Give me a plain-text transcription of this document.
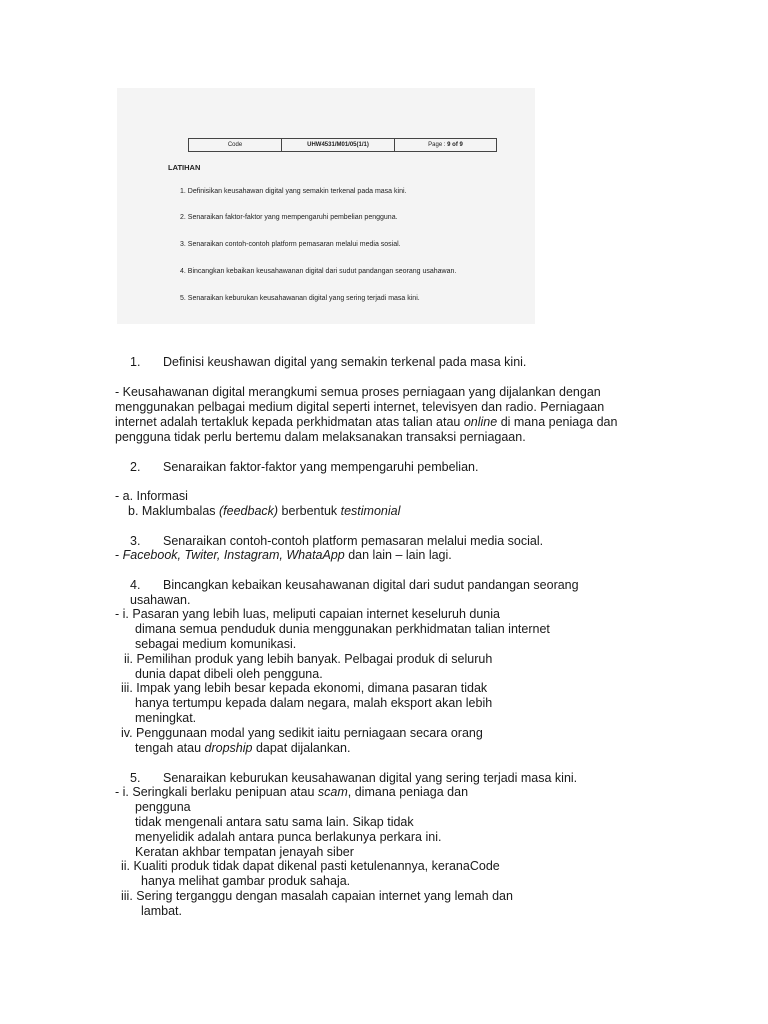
Code	UHW4531/M01/05(1/1)	Page :
9 of 9
LATIHAN
1. Definisikan keusahawan digital yang semakin terkenal pada masa kini.
2. Senaraikan faktor-faktor yang mempengaruhi pembelian pengguna.
3. Senaraikan contoh-contoh platform pemasaran melalui media sosial.
4. Bincangkan kebaikan keusahawanan digital dari sudut pandangan seorang usahawan.
5. Senaraikan keburukan keusahawanan digital yang sering terjadi masa kini.
1. Definisi keushawan digital yang semakin terkenal pada masa kini.
- Keusahawanan digital merangkumi semua proses perniagaan yang dijalankan dengan
menggunakan pelbagai medium digital seperti internet, televisyen dan radio. Perniagaan
internet adalah tertakluk kepada perkhidmatan atas talian atau online di mana peniaga dan
pengguna tidak perlu bertemu dalam melaksanakan transaksi perniagaan.
2. Senaraikan faktor-faktor yang mempengaruhi pembelian.
- a. Informasi
b. Maklumbalas (feedback) berbentuk testimonial
3. Senaraikan contoh-contoh platform pemasaran melalui media social.
- Facebook, Twiter, Instagram, WhataApp dan lain – lain lagi.
4. Bincangkan kebaikan keusahawanan digital dari sudut pandangan seorang
usahawan.
- i. Pasaran yang lebih luas, meliputi capaian internet keseluruh dunia
dimana semua penduduk dunia menggunakan perkhidmatan talian internet
sebagai medium komunikasi.
ii. Pemilihan produk yang lebih banyak. Pelbagai produk di seluruh
dunia dapat dibeli oleh pengguna.
iii. Impak yang lebih besar kepada ekonomi, dimana pasaran tidak
hanya tertumpu kepada dalam negara, malah eksport akan lebih
meningkat.
iv. Penggunaan modal yang sedikit iaitu perniagaan secara orang
tengah atau dropship dapat dijalankan.
5. Senaraikan keburukan keusahawanan digital yang sering terjadi masa kini.
- i. Seringkali berlaku penipuan atau scam, dimana peniaga dan
pengguna
tidak mengenali antara satu sama lain. Sikap tidak
menyelidik adalah antara punca berlakunya perkara ini.
Keratan akhbar tempatan jenayah siber
ii. Kualiti produk tidak dapat dikenal pasti ketulenannya, keranaCode
hanya melihat gambar produk sahaja.
iii. Sering terganggu dengan masalah capaian internet yang lemah dan
lambat.
